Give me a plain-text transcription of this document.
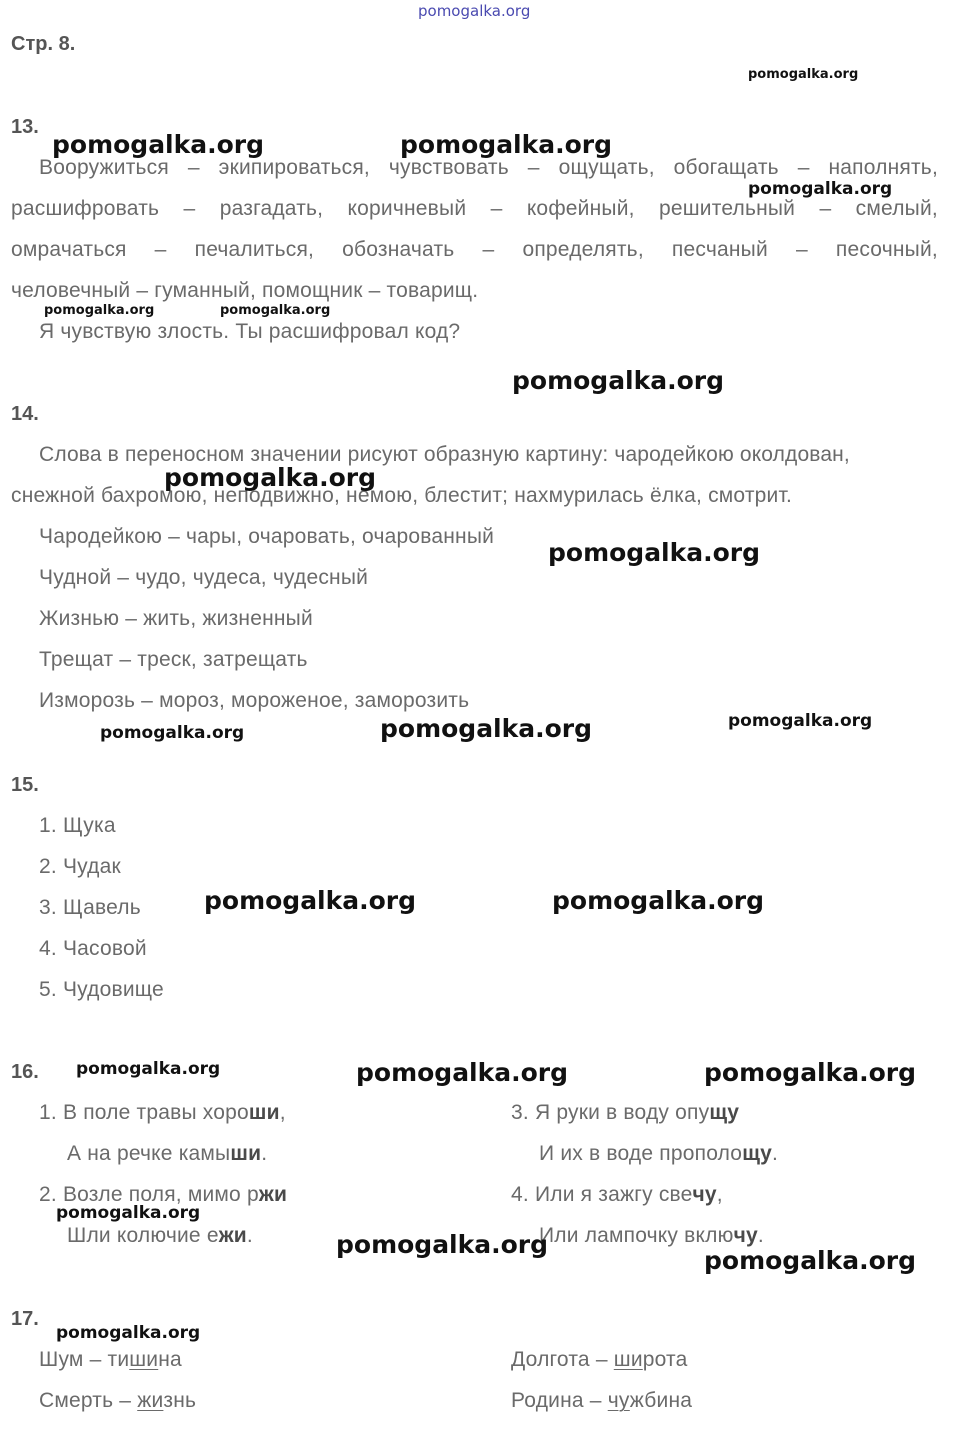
pomogalka.org
Стр. 8.
13.
Вооружиться – экипироваться, чувствовать – ощущать, обогащать – наполнять,
расшифровать – разгадать, коричневый – кофейный, решительный – смелый,
омрачаться – печалиться, обозначать – определять, песчаный – песочный,
человечный – гуманный, помощник – товарищ.
Я чувствую злость. Ты расшифровал код?
14.
Слова в переносном значении рисуют образную картину: чародейкою околдован,
снежной бахромою, неподвижно, немою, блестит; нахмурилась ёлка, смотрит.
Чародейкою – чары, очаровать, очарованный
Чудной – чудо, чудеса, чудесный
Жизнью – жить, жизненный
Трещат – треск, затрещать
Изморозь – мороз, мороженое, заморозить
15.
1. Щука
2. Чудак
3. Щавель
4. Часовой
5. Чудовище
16.
1. В поле травы хороши,
А на речке камыши.
2. Возле поля, мимо ржи
Шли колючие ежи.
3. Я руки в воду опущу
И их в воде прополощу.
4. Или я зажгу свечу,
Или лампочку включу.
17.
Шум – тишина
Смерть – жизнь
Долгота – широта
Родина – чужбина
pomogalka.org
pomogalka.org	pomogalka.org
pomogalka.org
pomogalka.org	pomogalka.org
pomogalka.org
pomogalka.org
pomogalka.org
pomogalka.org
pomogalka.org
pomogalka.org
pomogalka.org	pomogalka.org
pomogalka.org	pomogalka.org	pomogalka.org
pomogalka.org
pomogalka.org
pomogalka.org
pomogalka.org
